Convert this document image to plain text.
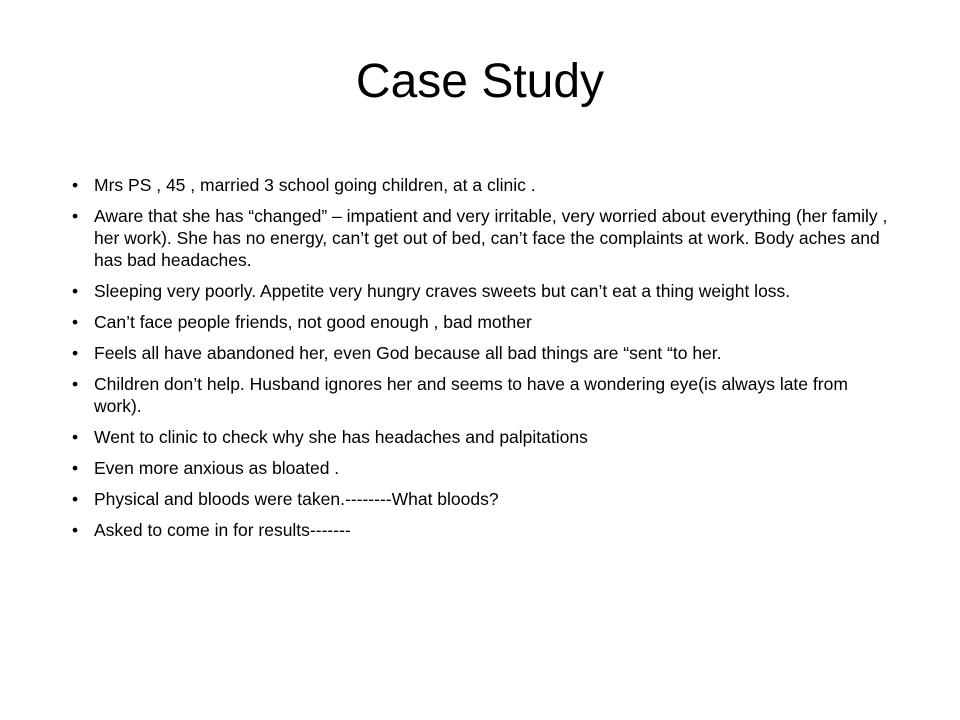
Case Study
• Mrs PS , 45 , married 3 school going children, at a clinic .
• Aware that she has “changed” – impatient and very irritable, very worried about everything (her family , her work). She has no energy, can’t get out of bed, can’t face the complaints at work. Body aches and has bad headaches.
• Sleeping very poorly. Appetite very hungry craves sweets but can’t eat a thing weight loss.
• Can’t face people friends, not good enough , bad mother
• Feels all have abandoned her, even God because all bad things are “sent “to her.
• Children don’t help. Husband ignores her and seems to have a wondering eye(is always late from work).
• Went to clinic to check why she has headaches and palpitations
• Even more anxious as bloated .
• Physical and bloods were taken.--------What bloods?
• Asked to come in for results-------
